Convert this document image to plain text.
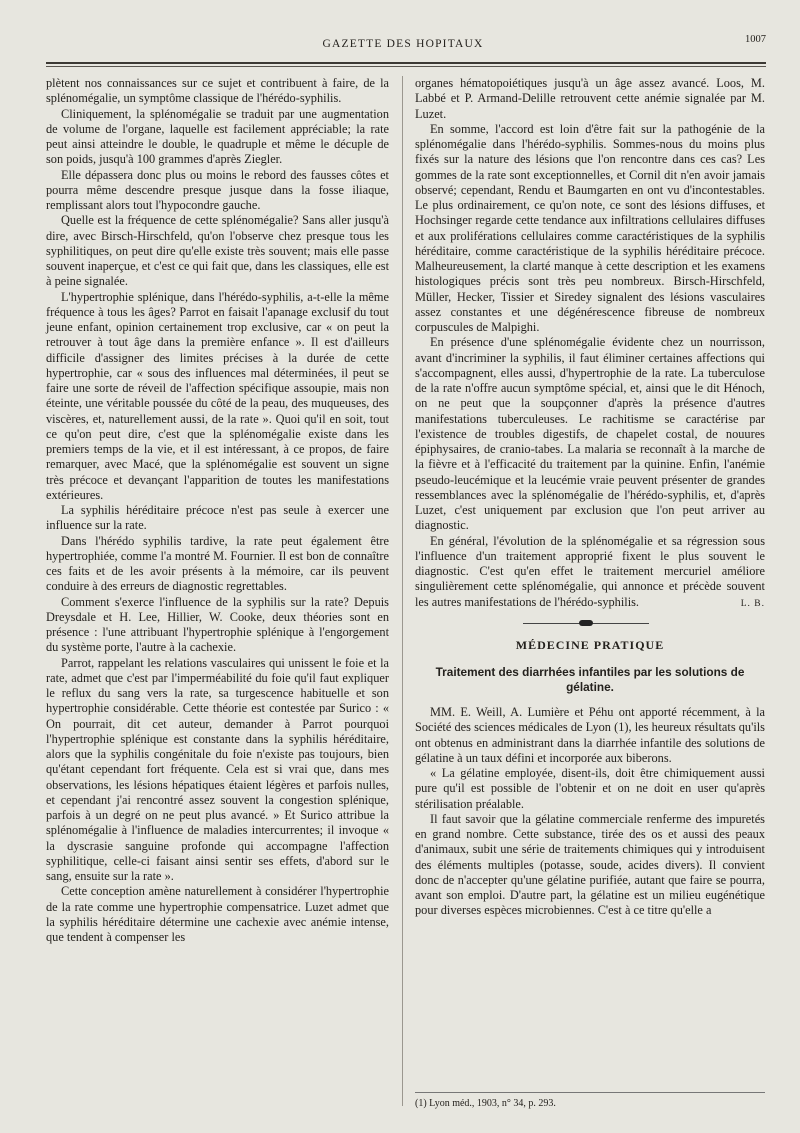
GAZETTE DES HOPITAUX	1007

plètent nos connaissances sur ce sujet et contribuent à faire, de la splénomégalie, un symptôme classique de l'hérédo-syphilis.

Cliniquement, la splénomégalie se traduit par une augmentation de volume de l'organe, laquelle est facilement appréciable; la rate peut ainsi atteindre le double, le quadruple et même le décuple de son poids, jusqu'à 100 grammes d'après Ziegler.

Elle dépassera donc plus ou moins le rebord des fausses côtes et pourra même descendre presque jusque dans la fosse iliaque, remplissant alors tout l'hypocondre gauche.

Quelle est la fréquence de cette splénomégalie? Sans aller jusqu'à dire, avec Birsch-Hirschfeld, qu'on l'observe chez presque tous les syphilitiques, on peut dire qu'elle existe très souvent; mais elle passe souvent inaperçue, et c'est ce qui fait que, dans les classiques, elle est à peine signalée.

L'hypertrophie splénique, dans l'hérédo-syphilis, a-t-elle la même fréquence à tous les âges? Parrot en faisait l'apanage exclusif du tout jeune enfant, opinion certainement trop exclusive, car « on peut la retrouver à tout âge dans la première enfance ». Il est d'ailleurs difficile d'assigner des limites précises à la durée de cette hypertrophie, car « sous des influences mal déterminées, il peut se faire une sorte de réveil de l'affection spécifique assoupie, mais non éteinte, une véritable poussée du côté de la peau, des muqueuses, des viscères, et, naturellement aussi, de la rate ». Quoi qu'il en soit, tout ce qu'on peut dire, c'est que la splénomégalie existe dans les premiers temps de la vie, et il est intéressant, à ce propos, de faire remarquer, avec Macé, que la splénomégalie est souvent un signe très précoce et devançant l'apparition de toutes les manifestations extérieures.

La syphilis héréditaire précoce n'est pas seule à exercer une influence sur la rate.

Dans l'hérédo syphilis tardive, la rate peut également être hypertrophiée, comme l'a montré M. Fournier. Il est bon de connaître ces faits et de les avoir présents à la mémoire, car ils peuvent conduire à des erreurs de diagnostic regrettables.

Comment s'exerce l'influence de la syphilis sur la rate? Depuis Dreysdale et H. Lee, Hillier, W. Cooke, deux théories sont en présence : l'une attribuant l'hypertrophie splénique à l'engorgement du système porte, l'autre à la cachexie.

Parrot, rappelant les relations vasculaires qui unissent le foie et la rate, admet que c'est par l'imperméabilité du foie qu'il faut expliquer le reflux du sang vers la rate, sa turgescence habituelle et son hypertrophie considérable. Cette théorie est contestée par Surico : « On pourrait, dit cet auteur, demander à Parrot pourquoi l'hypertrophie splénique est constante dans la syphilis héréditaire, alors que la syphilis congénitale du foie n'existe pas toujours, bien qu'étant cependant fort fréquente. Cela est si vrai que, dans mes observations, les lésions hépatiques étaient légères et parfois nulles, et cependant j'ai rencontré assez souvent la congestion splénique, parfois à un degré on ne peut plus avancé. » Et Surico attribue la splénomégalie à l'influence de maladies intercurrentes; il invoque « la dyscrasie sanguine profonde qui accompagne l'affection syphilitique, celle-ci faisant ainsi sentir ses effets, d'abord sur le sang, ensuite sur la rate ».

Cette conception amène naturellement à considérer l'hypertrophie de la rate comme une hypertrophie compensatrice. Luzet admet que la syphilis héréditaire détermine une cachexie avec anémie intense, que tendent à compenser les

organes hématopoiétiques jusqu'à un âge assez avancé. Loos, M. Labbé et P. Armand-Delille retrouvent cette anémie signalée par M. Luzet.

En somme, l'accord est loin d'être fait sur la pathogénie de la splénomégalie dans l'hérédo-syphilis. Sommes-nous du moins plus fixés sur la nature des lésions que l'on rencontre dans ces cas? Les gommes de la rate sont exceptionnelles, et Cornil dit n'en avoir jamais observé; cependant, Rendu et Baumgarten en ont vu d'incontestables. Le plus ordinairement, ce qu'on note, ce sont des lésions diffuses, et Hochsinger regarde cette tendance aux infiltrations cellulaires diffuses et aux proliférations cellulaires comme caractéristiques de la syphilis héréditaire, comme caractéristique de la syphilis héréditaire précoce. Malheureusement, la clarté manque à cette description et les examens histologiques précis sont très peu nombreux. Birsch-Hirschfeld, Müller, Hecker, Tissier et Siredey signalent des lésions vasculaires assez constantes et une dégénérescence fibreuse de nombreux corpuscules de Malpighi.

En présence d'une splénomégalie évidente chez un nourrisson, avant d'incriminer la syphilis, il faut éliminer certaines affections qui s'accompagnent, elles aussi, d'hypertrophie de la rate. La tuberculose de la rate n'offre aucun symptôme spécial, et, ainsi que le dit Hénoch, on ne peut que la soupçonner d'après la présence d'autres manifestations tuberculeuses. Le rachitisme se caractérise par l'existence de troubles digestifs, de chapelet costal, de nouures épiphysaires, de cranio-tabes. La malaria se reconnaît à la marche de la fièvre et à l'efficacité du traitement par la quinine. Enfin, l'anémie pseudo-leucémique et la leucémie vraie peuvent présenter de grandes ressemblances avec la splénomégalie de l'hérédo-syphilis, et, d'après Luzet, c'est uniquement par exclusion que l'on peut arriver au diagnostic.

En général, l'évolution de la splénomégalie et sa régression sous l'influence d'un traitement approprié fixent le plus souvent le diagnostic. C'est qu'en effet le traitement mercuriel améliore singulièrement cette splénomégalie, qui annonce et précède souvent les autres manifestations de l'hérédo-syphilis.	L. B.

MÉDECINE PRATIQUE
Traitement des diarrhées infantiles par les solutions de gélatine.

MM. E. Weill, A. Lumière et Péhu ont apporté récemment, à la Société des sciences médicales de Lyon (1), les heureux résultats qu'ils ont obtenus en administrant dans la diarrhée infantile des solutions de gélatine à un taux défini et incorporée aux biberons.

« La gélatine employée, disent-ils, doit être chimiquement aussi pure qu'il est possible de l'obtenir et on ne doit en user qu'après stérilisation préalable.

Il faut savoir que la gélatine commerciale renferme des impuretés en grand nombre. Cette substance, tirée des os et aussi des peaux d'animaux, subit une série de traitements chimiques qui y introduisent des éléments multiples (potasse, soude, acides divers). Il convient donc de n'accepter qu'une gélatine purifiée, autant que faire se pourra, avant son emploi. D'autre part, la gélatine est un milieu eugénétique pour diverses espèces microbiennes. C'est à ce titre qu'elle a

(1) Lyon méd., 1903, n° 34, p. 293.
